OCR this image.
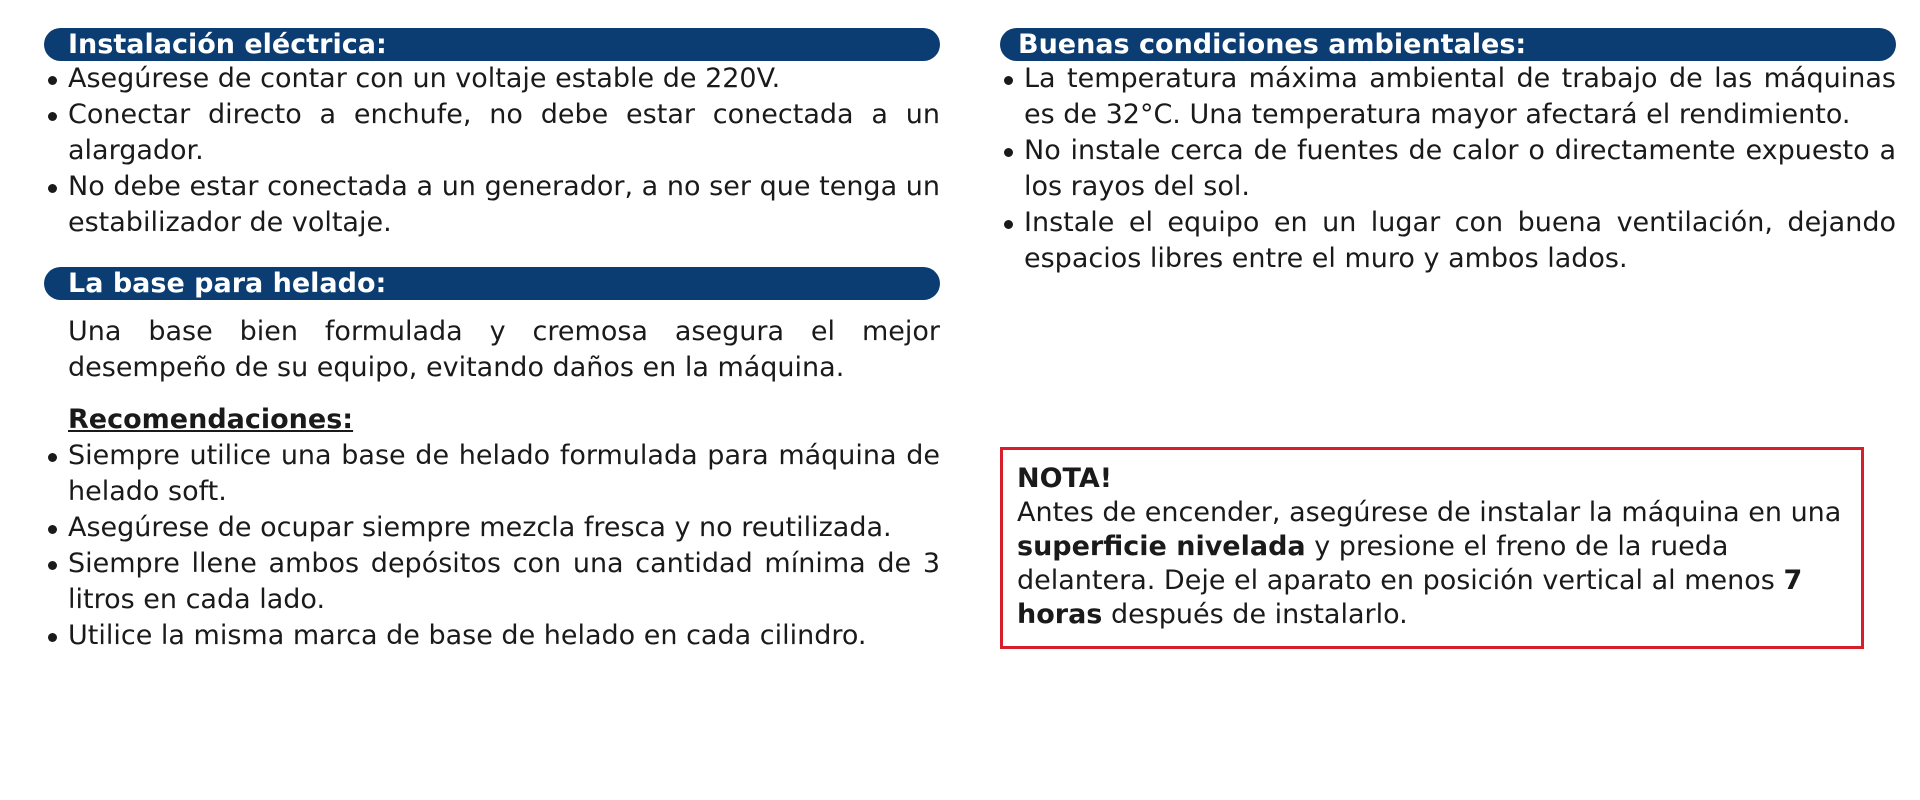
Instalación eléctrica:
Asegúrese de contar con un voltaje estable de 220V.
Conectar directo a enchufe, no debe estar conectada a un alargador.
No debe estar conectada a un generador, a no ser que tenga un estabilizador de voltaje.
La base para helado:

Una base bien formulada y cremosa asegura el mejor desempeño de su equipo, evitando daños en la máquina.

Recomendaciones:
Siempre utilice una base de helado formulada para máquina de helado soft.
Asegúrese de ocupar siempre mezcla fresca y no reutilizada.
Siempre llene ambos depósitos con una cantidad mínima de 3 litros en cada lado.
Utilice la misma marca de base de helado en cada cilindro.
Buenas condiciones ambientales:
La temperatura máxima ambiental de trabajo de las máquinas es de 32°C. Una temperatura mayor afectará el rendimiento.
No instale cerca de fuentes de calor o directamente expuesto a los rayos del sol.
Instale el equipo en un lugar con buena ventilación, dejando espacios libres entre el muro y ambos lados.
NOTA!
Antes de encender, asegúrese de instalar la máquina en una superficie nivelada y presione el freno de la rueda delantera. Deje el aparato en posición vertical al menos 7 horas después de instalarlo.
